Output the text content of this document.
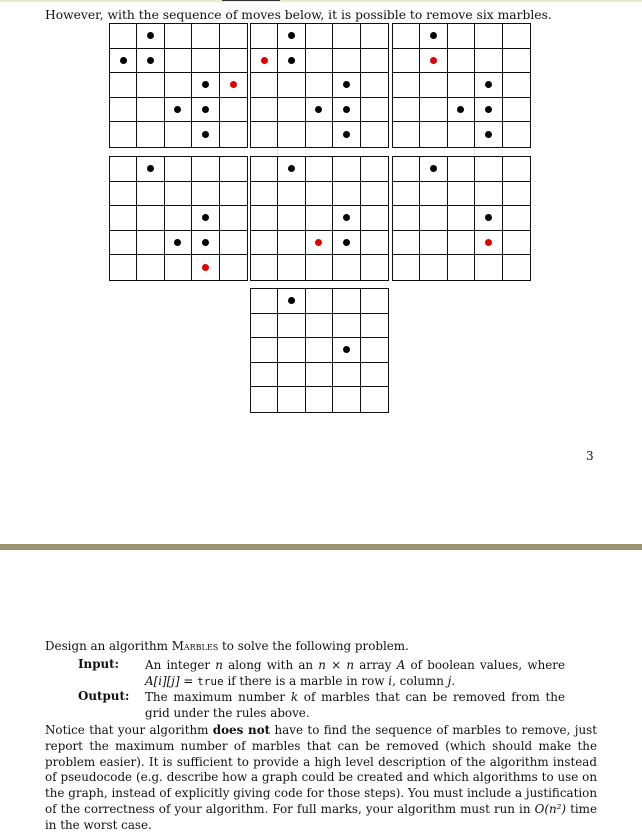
However, with the sequence of moves below, it is possible to remove six marbles.
3
Design an algorithm Marbles to solve the following problem.
Input: An integer n along with an n × n array A of boolean values, where A[i][j] = true if there is a marble in row i, column j.
Output: The maximum number k of marbles that can be removed from the grid under the rules above.
Notice that your algorithm does not have to find the sequence of marbles to remove, just report the maximum number of marbles that can be removed (which should make the problem easier). It is sufficient to provide a high level description of the algorithm instead of pseudocode (e.g. describe how a graph could be created and which algorithms to use on the graph, instead of explicitly giving code for those steps). You must include a justification of the correctness of your algorithm. For full marks, your algorithm must run in O(n²) time in the worst case.
